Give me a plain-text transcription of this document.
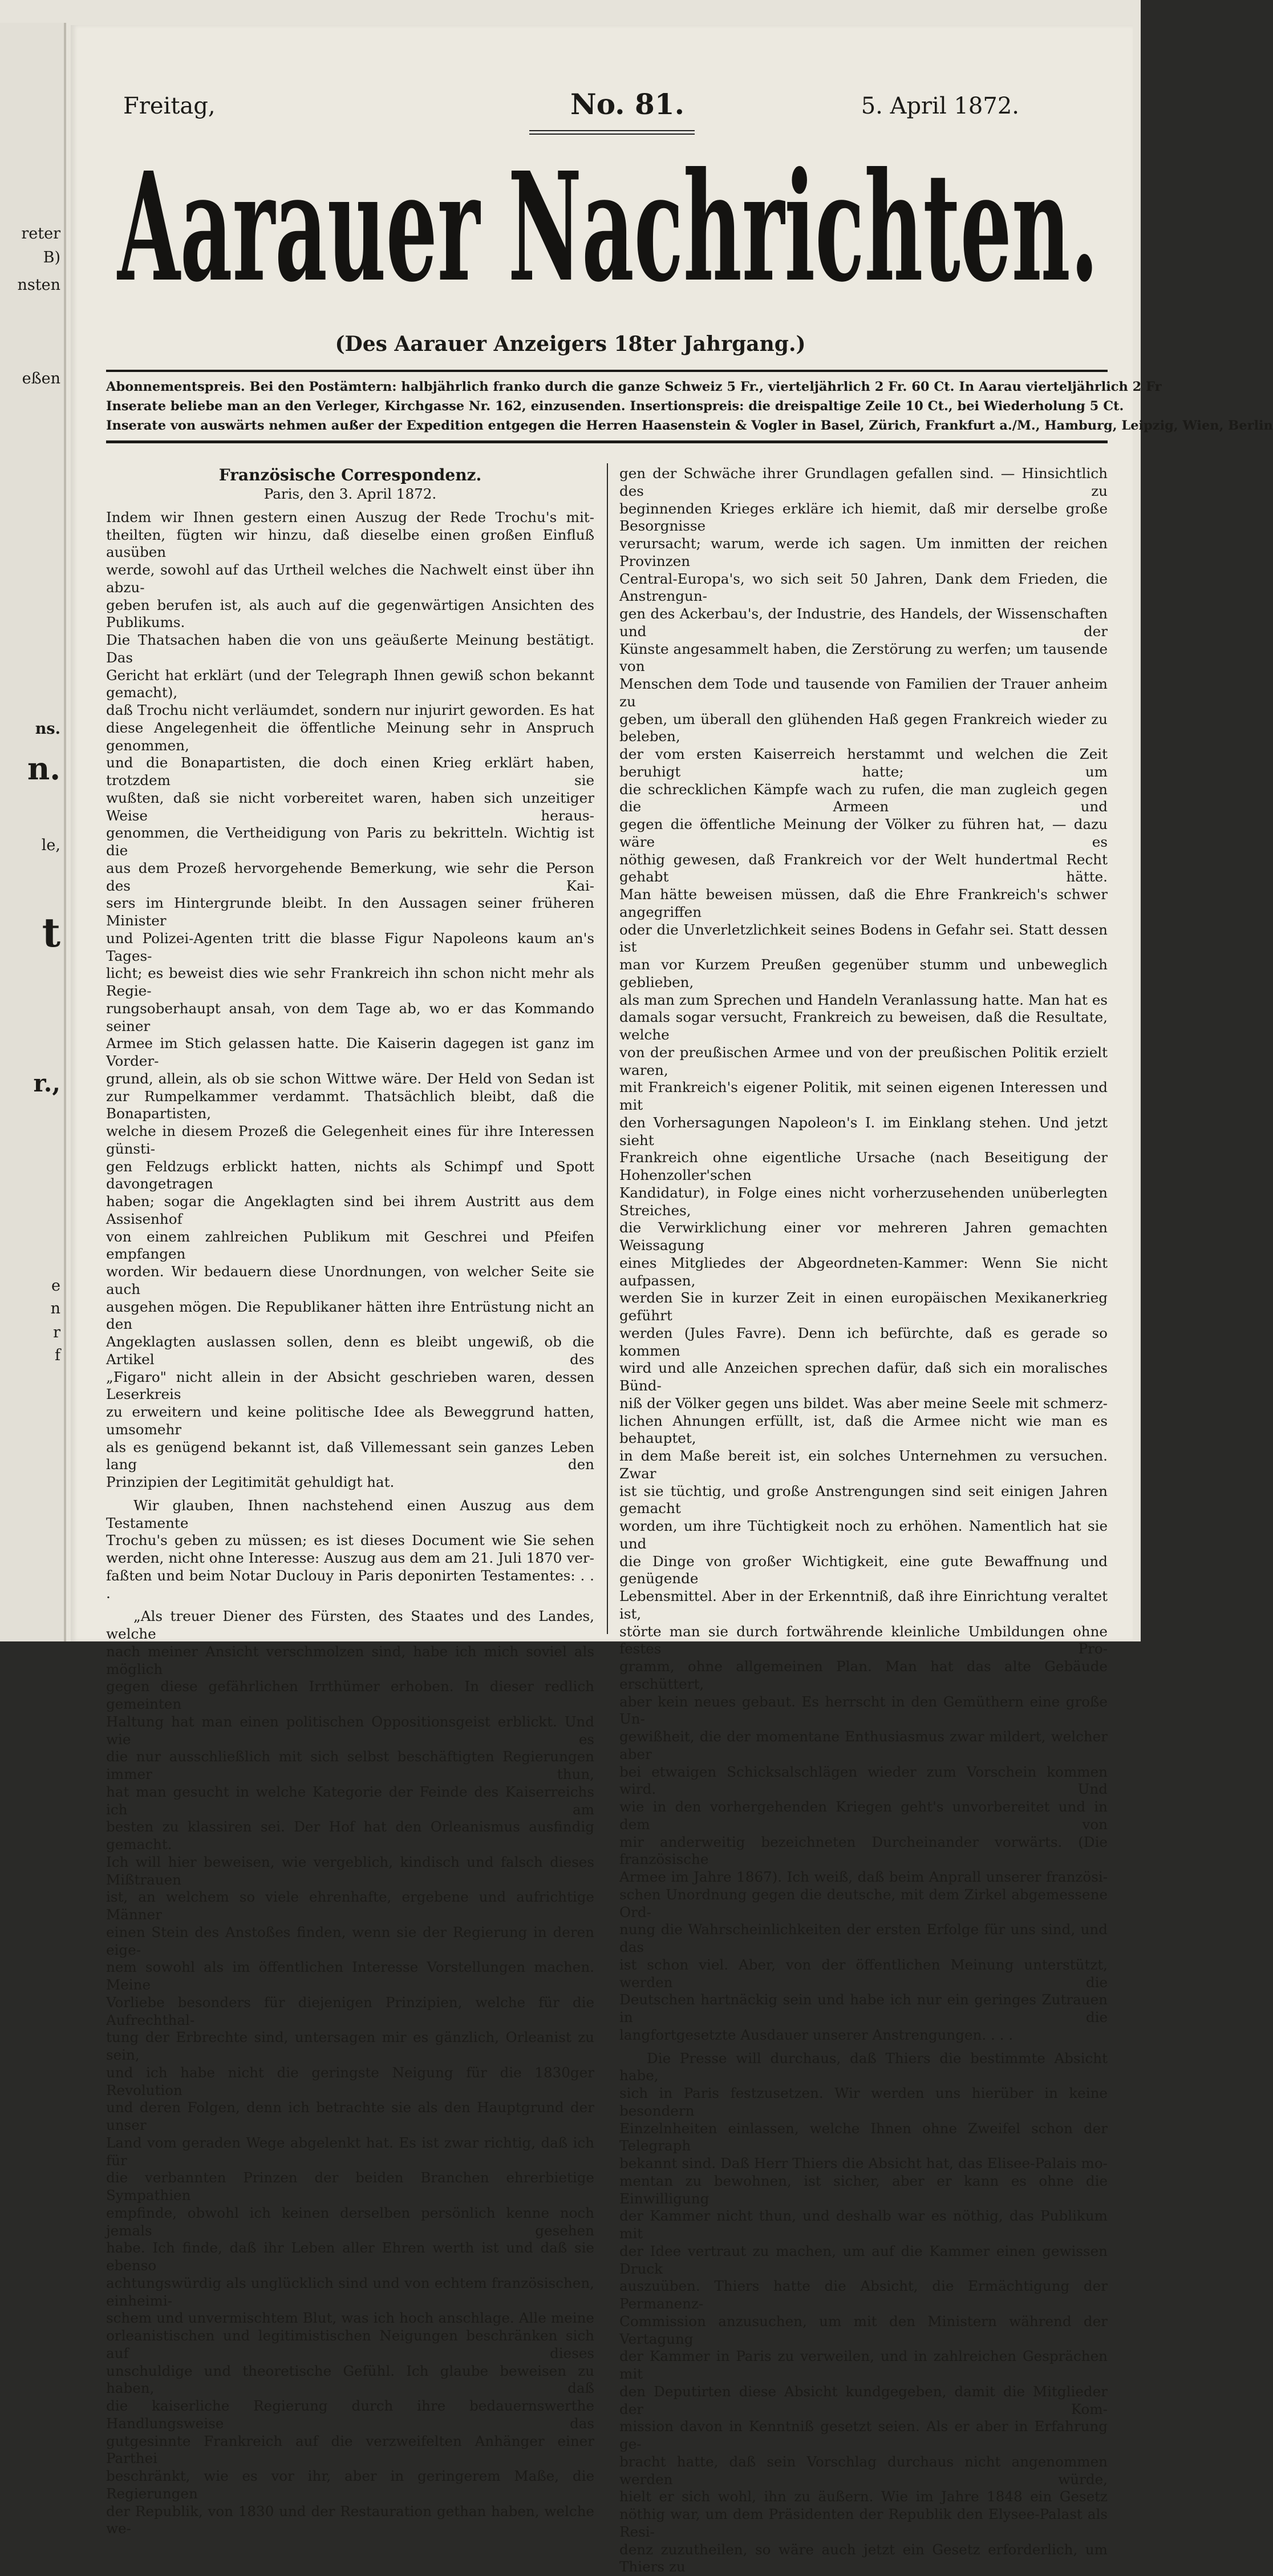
reter
B)
nsten
eßen
ns.
n.
le,
t
r.,
e
n
r
f
Freitag,	No. 81.	5. April 1872.
Aarauer Nachrichten.
(Des Aarauer Anzeigers 18ter Jahrgang.)
Abonnementspreis. Bei den Postämtern: halbjährlich franko durch die ganze Schweiz 5 Fr., vierteljährlich 2 Fr. 60 Ct. In Aarau vierteljährlich 2 Fr
Inserate beliebe man an den Verleger, Kirchgasse Nr. 162, einzusenden. Insertionspreis: die dreispaltige Zeile 10 Ct., bei Wiederholung 5 Ct.
Inserate von auswärts nehmen außer der Expedition entgegen die Herren Haasenstein & Vogler in Basel, Zürich, Frankfurt a./M., Hamburg, Leipzig, Wien, Berlin

Französische Correspondenz.

Paris, den 3. April 1872.

Indem wir Ihnen gestern einen Auszug der Rede Trochu's mit-

theilten, fügten wir hinzu, daß dieselbe einen großen Einfluß ausüben

werde, sowohl auf das Urtheil welches die Nachwelt einst über ihn abzu-

geben berufen ist, als auch auf die gegenwärtigen Ansichten des Publikums.

Die Thatsachen haben die von uns geäußerte Meinung bestätigt. Das

Gericht hat erklärt (und der Telegraph Ihnen gewiß schon bekannt gemacht),

daß Trochu nicht verläumdet, sondern nur injurirt geworden. Es hat

diese Angelegenheit die öffentliche Meinung sehr in Anspruch genommen,

und die Bonapartisten, die doch einen Krieg erklärt haben, trotzdem sie

wußten, daß sie nicht vorbereitet waren, haben sich unzeitiger Weise heraus-

genommen, die Vertheidigung von Paris zu bekritteln. Wichtig ist die

aus dem Prozeß hervorgehende Bemerkung, wie sehr die Person des Kai-

sers im Hintergrunde bleibt. In den Aussagen seiner früheren Minister

und Polizei-Agenten tritt die blasse Figur Napoleons kaum an's Tages-

licht; es beweist dies wie sehr Frankreich ihn schon nicht mehr als Regie-

rungsoberhaupt ansah, von dem Tage ab, wo er das Kommando seiner

Armee im Stich gelassen hatte. Die Kaiserin dagegen ist ganz im Vorder-

grund, allein, als ob sie schon Wittwe wäre. Der Held von Sedan ist

zur Rumpelkammer verdammt. Thatsächlich bleibt, daß die Bonapartisten,

welche in diesem Prozeß die Gelegenheit eines für ihre Interessen günsti-

gen Feldzugs erblickt hatten, nichts als Schimpf und Spott davongetragen

haben; sogar die Angeklagten sind bei ihrem Austritt aus dem Assisenhof

von einem zahlreichen Publikum mit Geschrei und Pfeifen empfangen

worden. Wir bedauern diese Unordnungen, von welcher Seite sie auch

ausgehen mögen. Die Republikaner hätten ihre Entrüstung nicht an den

Angeklagten auslassen sollen, denn es bleibt ungewiß, ob die Artikel des

„Figaro" nicht allein in der Absicht geschrieben waren, dessen Leserkreis

zu erweitern und keine politische Idee als Beweggrund hatten, umsomehr

als es genügend bekannt ist, daß Villemessant sein ganzes Leben lang den

Prinzipien der Legitimität gehuldigt hat.

Wir glauben, Ihnen nachstehend einen Auszug aus dem Testamente

Trochu's geben zu müssen; es ist dieses Document wie Sie sehen

werden, nicht ohne Interesse: Auszug aus dem am 21. Juli 1870 ver-

faßten und beim Notar Duclouy in Paris deponirten Testamentes: . . .

„Als treuer Diener des Fürsten, des Staates und des Landes, welche

nach meiner Ansicht verschmolzen sind, habe ich mich soviel als möglich

gegen diese gefährlichen Irrthümer erhoben. In dieser redlich gemeinten

Haltung hat man einen politischen Oppositionsgeist erblickt. Und wie es

die nur ausschließlich mit sich selbst beschäftigten Regierungen immer thun,

hat man gesucht in welche Kategorie der Feinde des Kaiserreichs ich am

besten zu klassiren sei. Der Hof hat den Orleanismus ausfindig gemacht.

Ich will hier beweisen, wie vergeblich, kindisch und falsch dieses Mißtrauen

ist, an welchem so viele ehrenhafte, ergebene und aufrichtige Männer

einen Stein des Anstoßes finden, wenn sie der Regierung in deren eige-

nem sowohl als im öffentlichen Interesse Vorstellungen machen. Meine

Vorliebe besonders für diejenigen Prinzipien, welche für die Aufrechthal-

tung der Erbrechte sind, untersagen mir es gänzlich, Orleanist zu sein,

und ich habe nicht die geringste Neigung für die 1830ger Revolution

und deren Folgen, denn ich betrachte sie als den Hauptgrund der unser

Land vom geraden Wege abgelenkt hat. Es ist zwar richtig, daß ich für

die verbannten Prinzen der beiden Branchen ehrerbietige Sympathien

empfinde, obwohl ich keinen derselben persönlich kenne noch jemals gesehen

habe. Ich finde, daß ihr Leben aller Ehren werth ist und daß sie ebenso

achtungswürdig als unglücklich sind und von echtem französischen, einheimi-

schem und unvermischtem Blut, was ich hoch anschlage. Alle meine

orleanistischen und legitimistischen Neigungen beschränken sich auf dieses

unschuldige und theoretische Gefühl. Ich glaube beweisen zu haben, daß

die kaiserliche Regierung durch ihre bedauernswerthe Handlungsweise das

gutgesinnte Frankreich auf die verzweifelten Anhänger einer Parthei

beschränkt, wie es vor ihr, aber in geringerem Maße, die Regierungen

der Republik, von 1830 und der Restauration gethan haben, welche we-

gen der Schwäche ihrer Grundlagen gefallen sind. — Hinsichtlich des zu

beginnenden Krieges erkläre ich hiemit, daß mir derselbe große Besorgnisse

verursacht; warum, werde ich sagen. Um inmitten der reichen Provinzen

Central-Europa's, wo sich seit 50 Jahren, Dank dem Frieden, die Anstrengun-

gen des Ackerbau's, der Industrie, des Handels, der Wissenschaften und der

Künste angesammelt haben, die Zerstörung zu werfen; um tausende von

Menschen dem Tode und tausende von Familien der Trauer anheim zu

geben, um überall den glühenden Haß gegen Frankreich wieder zu beleben,

der vom ersten Kaiserreich herstammt und welchen die Zeit beruhigt hatte; um

die schrecklichen Kämpfe wach zu rufen, die man zugleich gegen die Armeen und

gegen die öffentliche Meinung der Völker zu führen hat, — dazu wäre es

nöthig gewesen, daß Frankreich vor der Welt hundertmal Recht gehabt hätte.

Man hätte beweisen müssen, daß die Ehre Frankreich's schwer angegriffen

oder die Unverletzlichkeit seines Bodens in Gefahr sei. Statt dessen ist

man vor Kurzem Preußen gegenüber stumm und unbeweglich geblieben,

als man zum Sprechen und Handeln Veranlassung hatte. Man hat es

damals sogar versucht, Frankreich zu beweisen, daß die Resultate, welche

von der preußischen Armee und von der preußischen Politik erzielt waren,

mit Frankreich's eigener Politik, mit seinen eigenen Interessen und mit

den Vorhersagungen Napoleon's I. im Einklang stehen. Und jetzt sieht

Frankreich ohne eigentliche Ursache (nach Beseitigung der Hohenzoller'schen

Kandidatur), in Folge eines nicht vorherzusehenden unüberlegten Streiches,

die Verwirklichung einer vor mehreren Jahren gemachten Weissagung

eines Mitgliedes der Abgeordneten-Kammer: Wenn Sie nicht aufpassen,

werden Sie in kurzer Zeit in einen europäischen Mexikanerkrieg geführt

werden (Jules Favre). Denn ich befürchte, daß es gerade so kommen

wird und alle Anzeichen sprechen dafür, daß sich ein moralisches Bünd-

niß der Völker gegen uns bildet. Was aber meine Seele mit schmerz-

lichen Ahnungen erfüllt, ist, daß die Armee nicht wie man es behauptet,

in dem Maße bereit ist, ein solches Unternehmen zu versuchen. Zwar

ist sie tüchtig, und große Anstrengungen sind seit einigen Jahren gemacht

worden, um ihre Tüchtigkeit noch zu erhöhen. Namentlich hat sie und

die Dinge von großer Wichtigkeit, eine gute Bewaffnung und genügende

Lebensmittel. Aber in der Erkenntniß, daß ihre Einrichtung veraltet ist,

störte man sie durch fortwährende kleinliche Umbildungen ohne festes Pro-

gramm, ohne allgemeinen Plan. Man hat das alte Gebäude erschüttert,

aber kein neues gebaut. Es herrscht in den Gemüthern eine große Un-

gewißheit, die der momentane Enthusiasmus zwar mildert, welcher aber

bei etwaigen Schicksalschlägen wieder zum Vorschein kommen wird. Und

wie in den vorhergehenden Kriegen geht's unvorbereitet und in dem von

mir anderweitig bezeichneten Durcheinander vorwärts. (Die französische

Armee im Jahre 1867). Ich weiß, daß beim Anprall unserer französi-

schen Unordnung gegen die deutsche, mit dem Zirkel abgemessene Ord-

nung die Wahrscheinlichkeiten der ersten Erfolge für uns sind, und das

ist schon viel. Aber, von der öffentlichen Meinung unterstützt, werden die

Deutschen hartnäckig sein und habe ich nur ein geringes Zutrauen in die

langfortgesetzte Ausdauer unserer Anstrengungen. . . .

Die Presse will durchaus, daß Thiers die bestimmte Absicht habe,

sich in Paris festzusetzen. Wir werden uns hierüber in keine besondern

Einzelnheiten einlassen, welche Ihnen ohne Zweifel schon der Telegraph

bekannt sind. Daß Herr Thiers die Absicht hat, das Elisee-Palais mo-

mentan zu bewohnen, ist sicher, aber er kann es ohne die Einwilligung

der Kammer nicht thun, und deshalb war es nöthig, das Publikum mit

der Idee vertraut zu machen, um auf die Kammer einen gewissen Druck

auszuüben. Thiers hatte die Absicht, die Ermächtigung der Permanenz-

Commission anzusuchen, um mit den Ministern während der Vertagung

der Kammer in Paris zu verweilen, und in zahlreichen Gesprächen mit

den Deputirten diese Absicht kundgegeben, damit die Mitglieder der Kom-

mission davon in Kenntniß gesetzt seien. Als er aber in Erfahrung ge-

bracht hatte, daß sein Vorschlag durchaus nicht angenommen werden würde,

hielt er sich wohl, ihn zu äußern. Wie im Jahre 1848 ein Gesetz

nöthig war, um dem Präsidenten der Republik den Elysee-Palast als Resi-

denz zuzutheilen, so wäre auch jetzt ein Gesetz erforderlich, um Thiers zu
